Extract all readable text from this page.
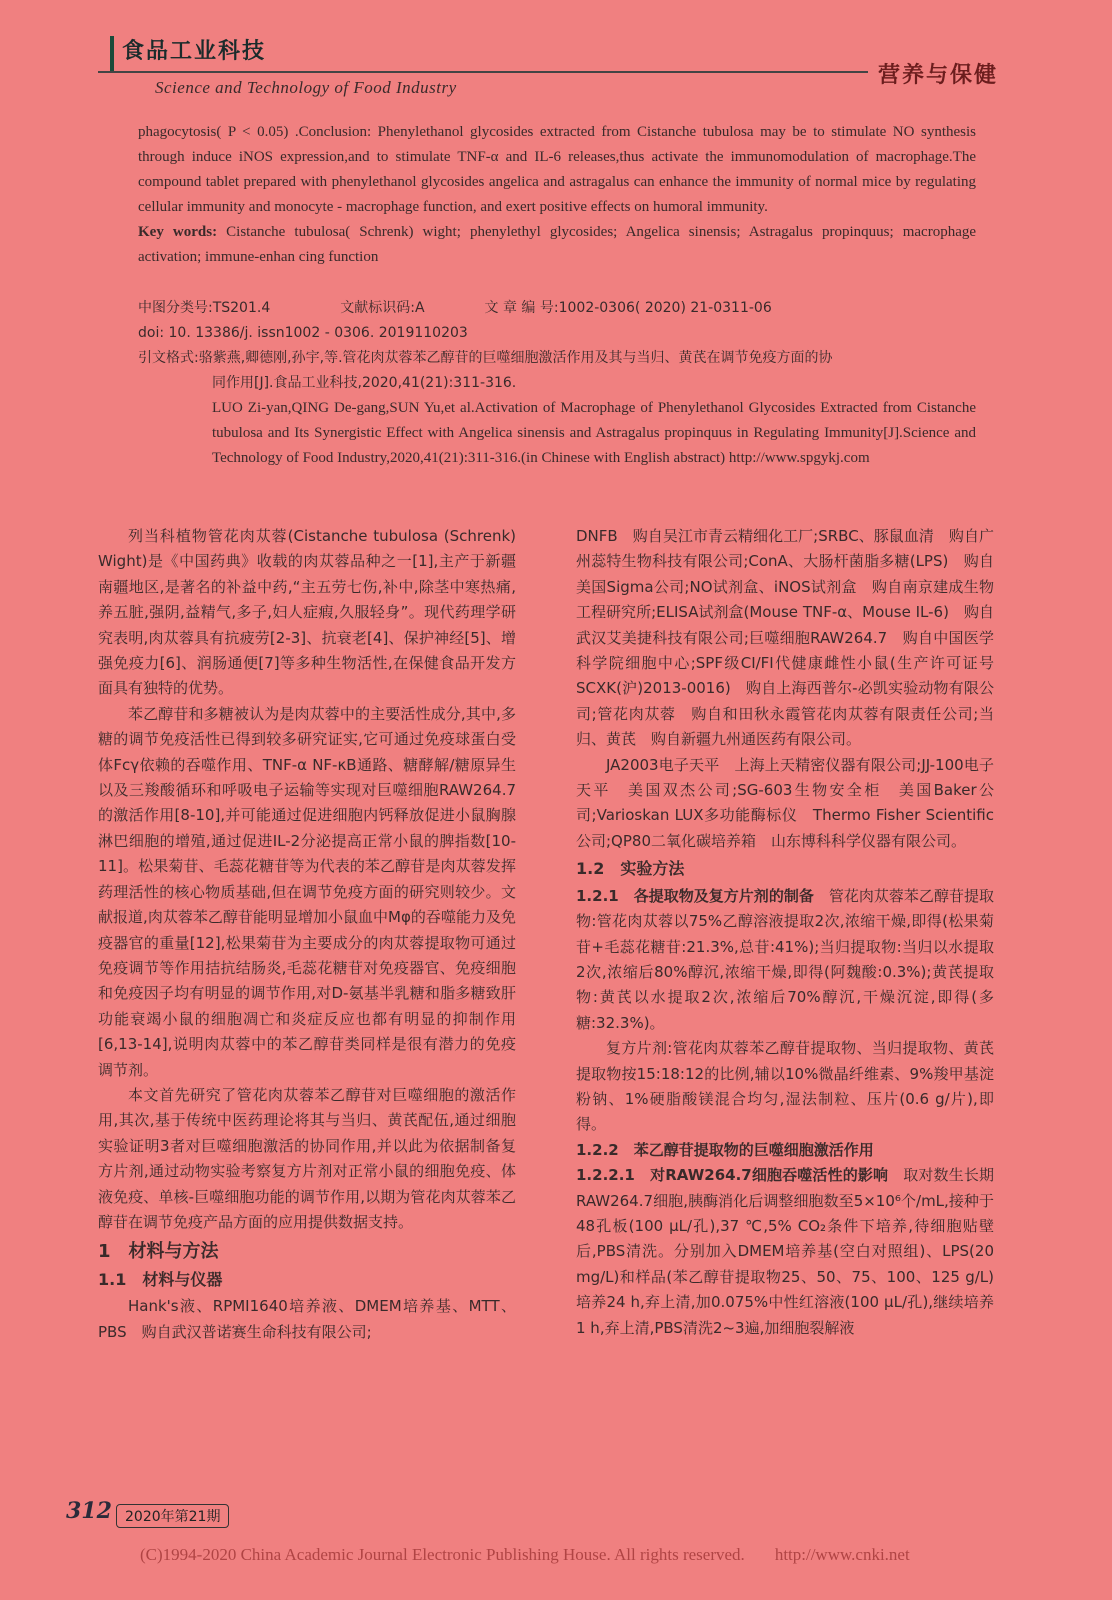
食品工业科技
Science and Technology of Food Industry	营养与保健

phagocytosis( P < 0.05) .Conclusion: Phenylethanol glycosides extracted from Cistanche tubulosa may be to stimulate NO synthesis through induce iNOS expression,and to stimulate TNF-α and IL-6 releases,thus activate the immunomodulation of macrophage.The compound tablet prepared with phenylethanol glycosides angelica and astragalus can enhance the immunity of normal mice by regulating cellular immunity and monocyte - macrophage function, and exert positive effects on humoral immunity.

Key words: Cistanche tubulosa( Schrenk) wight; phenylethyl glycosides; Angelica sinensis; Astragalus propinquus; macrophage activation; immune-enhan cing function

中图分类号:TS201.4	文献标识码:A	文 章 编 号:1002-0306( 2020) 21-0311-06
doi: 10. 13386/j. issn1002 - 0306. 2019110203

引文格式:骆紫燕,卿德刚,孙宇,等.管花肉苁蓉苯乙醇苷的巨噬细胞激活作用及其与当归、黄芪在调节免疫方面的协

同作用[J].食品工业科技,2020,41(21):311-316.

LUO Zi-yan,QING De-gang,SUN Yu,et al.Activation of Macrophage of Phenylethanol Glycosides Extracted from Cistanche tubulosa and Its Synergistic Effect with Angelica sinensis and Astragalus propinquus in Regulating Immunity[J].Science and Technology of Food Industry,2020,41(21):311-316.(in Chinese with English abstract) http://www.spgykj.com

列当科植物管花肉苁蓉(Cistanche tubulosa (Schrenk) Wight)是《中国药典》收载的肉苁蓉品种之一[1],主产于新疆南疆地区,是著名的补益中药,“主五劳七伤,补中,除茎中寒热痛,养五脏,强阴,益精气,多子,妇人症瘕,久服轻身”。现代药理学研究表明,肉苁蓉具有抗疲劳[2-3]、抗衰老[4]、保护神经[5]、增强免疫力[6]、润肠通便[7]等多种生物活性,在保健食品开发方面具有独特的优势。

苯乙醇苷和多糖被认为是肉苁蓉中的主要活性成分,其中,多糖的调节免疫活性已得到较多研究证实,它可通过免疫球蛋白受体Fcγ依赖的吞噬作用、TNF-α NF-κB通路、糖酵解/糖原异生以及三羧酸循环和呼吸电子运输等实现对巨噬细胞RAW264.7的激活作用[8-10],并可能通过促进细胞内钙释放促进小鼠胸腺淋巴细胞的增殖,通过促进IL-2分泌提高正常小鼠的脾指数[10-11]。松果菊苷、毛蕊花糖苷等为代表的苯乙醇苷是肉苁蓉发挥药理活性的核心物质基础,但在调节免疫方面的研究则较少。文献报道,肉苁蓉苯乙醇苷能明显增加小鼠血中Mφ的吞噬能力及免疫器官的重量[12],松果菊苷为主要成分的肉苁蓉提取物可通过免疫调节等作用拮抗结肠炎,毛蕊花糖苷对免疫器官、免疫细胞和免疫因子均有明显的调节作用,对D-氨基半乳糖和脂多糖致肝功能衰竭小鼠的细胞凋亡和炎症反应也都有明显的抑制作用[6,13-14],说明肉苁蓉中的苯乙醇苷类同样是很有潜力的免疫调节剂。

本文首先研究了管花肉苁蓉苯乙醇苷对巨噬细胞的激活作用,其次,基于传统中医药理论将其与当归、黄芪配伍,通过细胞实验证明3者对巨噬细胞激活的协同作用,并以此为依据制备复方片剂,通过动物实验考察复方片剂对正常小鼠的细胞免疫、体液免疫、单核-巨噬细胞功能的调节作用,以期为管花肉苁蓉苯乙醇苷在调节免疫产品方面的应用提供数据支持。

1　材料与方法
1.1　材料与仪器

Hank's液、RPMI1640培养液、DMEM培养基、MTT、PBS　购自武汉普诺赛生命科技有限公司;

DNFB　购自吴江市青云精细化工厂;SRBC、豚鼠血清　购自广州蕊特生物科技有限公司;ConA、大肠杆菌脂多糖(LPS)　购自美国Sigma公司;NO试剂盒、iNOS试剂盒　购自南京建成生物工程研究所;ELISA试剂盒(Mouse TNF-α、Mouse IL-6)　购自武汉艾美捷科技有限公司;巨噬细胞RAW264.7　购自中国医学科学院细胞中心;SPF级CI/FI代健康雌性小鼠(生产许可证号SCXK(沪)2013-0016)　购自上海西普尔-必凯实验动物有限公司;管花肉苁蓉　购自和田秋永霞管花肉苁蓉有限责任公司;当归、黄芪　购自新疆九州通医药有限公司。

JA2003电子天平　上海上天精密仪器有限公司;JJ-100电子天平　美国双杰公司;SG-603生物安全柜　美国Baker公司;Varioskan LUX多功能酶标仪　Thermo Fisher Scientific公司;QP80二氧化碳培养箱　山东博科科学仪器有限公司。

1.2　实验方法

1.2.1　各提取物及复方片剂的制备　 管花肉苁蓉苯乙醇苷提取物:管花肉苁蓉以75%乙醇溶液提取2次,浓缩干燥,即得(松果菊苷+毛蕊花糖苷:21.3%,总苷:41%);当归提取物:当归以水提取2次,浓缩后80%醇沉,浓缩干燥,即得(阿魏酸:0.3%);黄芪提取物:黄芪以水提取2次,浓缩后70%醇沉,干燥沉淀,即得(多糖:32.3%)。

复方片剂:管花肉苁蓉苯乙醇苷提取物、当归提取物、黄芪提取物按15:18:12的比例,辅以10%微晶纤维素、9%羧甲基淀粉钠、1%硬脂酸镁混合均匀,湿法制粒、压片(0.6 g/片),即得。

1.2.2　苯乙醇苷提取物的巨噬细胞激活作用

1.2.2.1　对RAW264.7细胞吞噬活性的影响　 取对数生长期RAW264.7细胞,胰酶消化后调整细胞数至5×10⁶个/mL,接种于48孔板(100 μL/孔),37 ℃,5% CO₂条件下培养,待细胞贴壁后,PBS清洗。分别加入DMEM培养基(空白对照组)、LPS(20 mg/L)和样品(苯乙醇苷提取物25、50、75、100、125 g/L)培养24 h,弃上清,加0.075%中性红溶液(100 μL/孔),继续培养1 h,弃上清,PBS清洗2~3遍,加细胞裂解液

312 2020年第21期
(C)1994-2020 China Academic Journal Electronic Publishing House. All rights reserved. http://www.cnki.net
